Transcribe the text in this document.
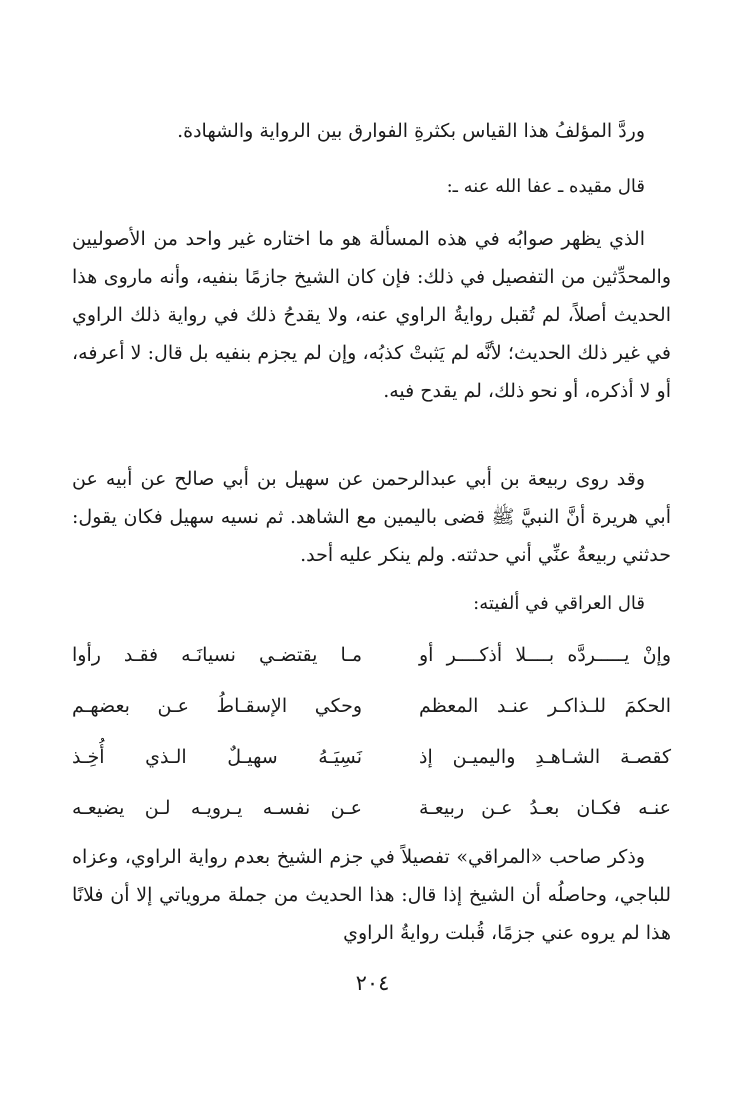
وردَّ المؤلفُ هذا القياس بكثرةِ الفوارق بين الرواية والشهادة.

قال مقيده ـ عفا الله عنه ـ:

الذي يظهر صوابُه في هذه المسألة هو ما اختاره غير واحد من الأصوليين والمحدِّثين من التفصيل في ذلك: فإن كان الشيخ جازمًا بنفيه، وأنه ماروى هذا الحديث أصلاً، لم تُقبل روايةُ الراوي عنه، ولا يقدحُ ذلك في رواية ذلك الراوي في غير ذلك الحديث؛ لأنَّه لم يَثبتْ كذبُه، وإن لم يجزم بنفيه بل قال: لا أعرفه، أو لا أذكره، أو نحو ذلك، لم يقدح فيه.

وقد روى ربيعة بن أبي عبدالرحمن عن سهيل بن أبي صالح عن أبيه عن أبي هريرة أنَّ النبيَّ ﷺ قضى باليمين مع الشاهد. ثم نسيه سهيل فكان يقول: حدثني ربيعةُ عنِّي أني حدثته. ولم ينكر عليه أحد.

قال العراقي في ألفيته:
وإنْ يـــــردَّه بــــلا أذكــــر أو
مـا يقتضـي نسيانَـه فقـد رأوا
الحكمَ للـذاكـر عنـد المعظم
وحكي الإسقـاطُ عـن بعضهـم
كقصـة الشـاهـدِ واليميـن إذ
نَسِيَـهُ سهيـلٌ الـذي أُخِـذ
عنـه فكـان بعـدُ عـن ربيعـة
عـن نفسـه يـرويـه لـن يضيعـه

وذكر صاحب «المراقي» تفصيلاً في جزم الشيخ بعدم رواية الراوي، وعزاه للباجي، وحاصلُه أن الشيخ إذا قال: هذا الحديث من جملة مروياتي إلا أن فلانًا هذا لم يروه عني جزمًا، قُبلت روايةُ الراوي

٢٠٤
